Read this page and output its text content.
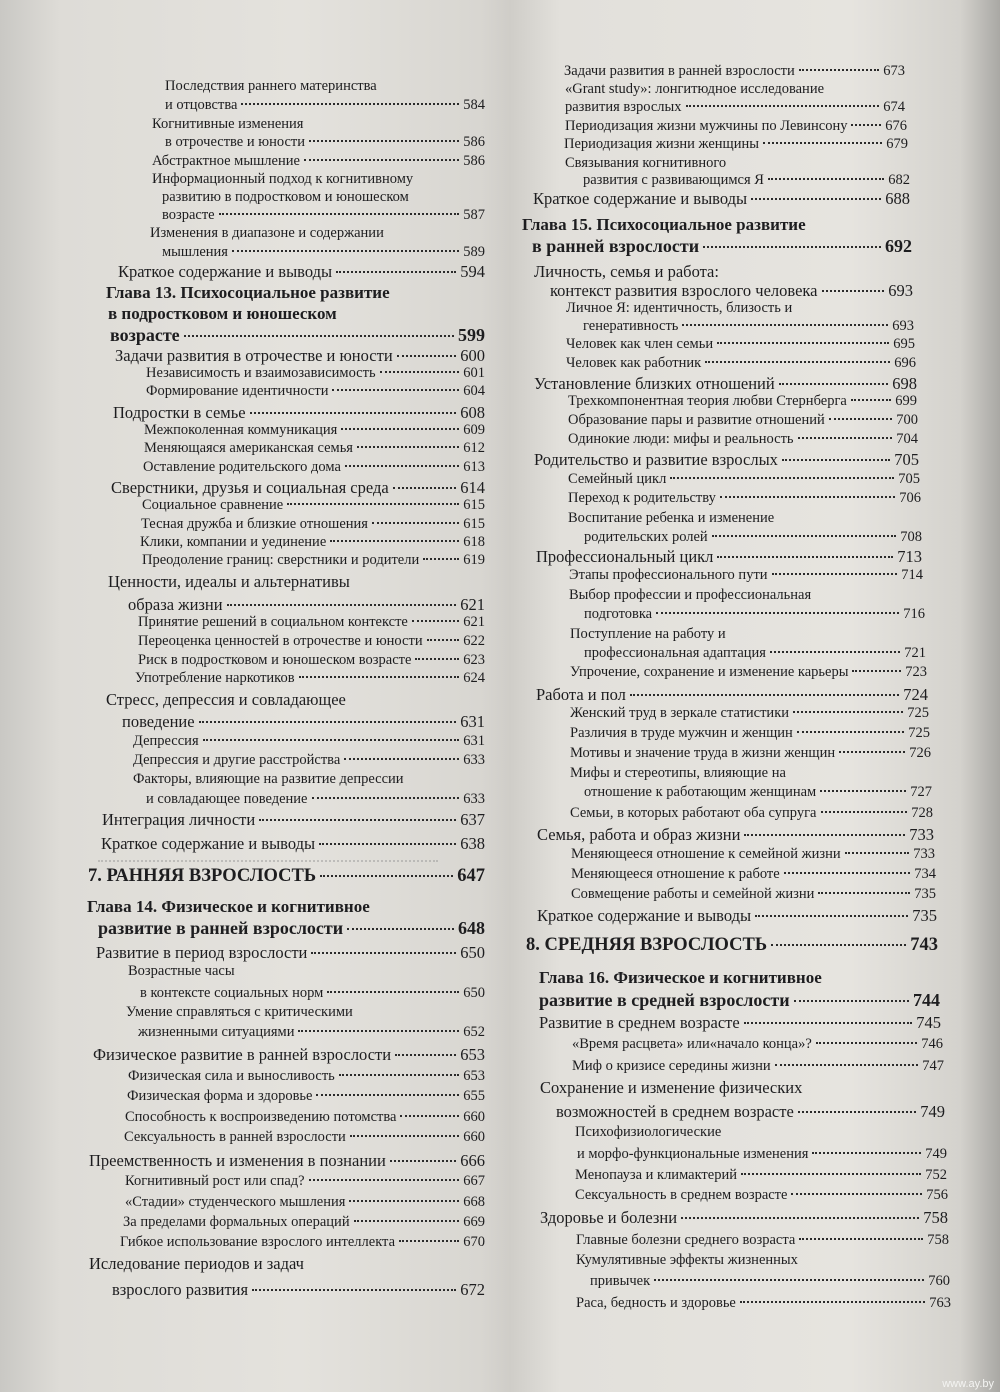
Последствия раннего материнства
и отцовства	584
Когнитивные изменения
в отрочестве и юности	586
Абстрактное мышление	586
Информационный подход к когнитивному
развитию в подростковом и юношеском
возрасте	587
Изменения в диапазоне и содержании
мышления	589
Краткое содержание и выводы	594
Глава 13. Психосоциальное развитие
в подростковом и юношеском
возрасте	599
Задачи развития в отрочестве и юности	600
Независимость и взаимозависимость	601
Формирование идентичности	604
Подростки в семье	608
Межпоколенная коммуникация	609
Меняющаяся американская семья	612
Оставление родительского дома	613
Сверстники, друзья и социальная среда	614
Социальное сравнение	615
Тесная дружба и близкие отношения	615
Клики, компании и уединение	618
Преодоление границ: сверстники и родители	619
Ценности, идеалы и альтернативы
образа жизни	621
Принятие решений в социальном контексте	621
Переоценка ценностей в отрочестве и юности	622
Риск в подростковом и юношеском возрасте	623
Употребление наркотиков	624
Стресс, депрессия и совладающее
поведение	631
Депрессия	631
Депрессия и другие расстройства	633
Факторы, влияющие на развитие депрессии
и совладающее поведение	633
Интеграция личности	637
Краткое содержание и выводы	638
7. РАННЯЯ ВЗРОСЛОСТЬ	647
Глава 14. Физическое и когнитивное
развитие в ранней взрослости	648
Развитие в период взрослости	650
Возрастные часы
в контексте социальных норм	650
Умение справляться с критическими
жизненными ситуациями	652
Физическое развитие в ранней взрослости	653
Физическая сила и выносливость	653
Физическая форма и здоровье	655
Способность к воспроизведению потомства	660
Сексуальность в ранней взрослости	660
Преемственность и изменения в познании	666
Когнитивный рост или спад?	667
«Стадии» студенческого мышления	668
За пределами формальных операций	669
Гибкое использование взрослого интеллекта	670
Иследование периодов и задач
взрослого развития	672
Задачи развития в ранней взрослости	673
«Grant study»: лонгитюдное исследование
развития взрослых	674
Периодизация жизни мужчины по Левинсону	676
Периодизация жизни женщины	679
Связывания когнитивного
развития с развивающимся Я	682
Краткое содержание и выводы	688
Глава 15. Психосоциальное развитие
в ранней взрослости	692
Личность, семья и работа:
контекст развития взрослого человека	693
Личное Я: идентичность, близость и
генеративность	693
Человек как член семьи	695
Человек как работник	696
Установление близких отношений	698
Трехкомпонентная теория любви Стернберга	699
Образование пары и развитие отношений	700
Одинокие люди: мифы и реальность	704
Родительство и развитие взрослых	705
Семейный цикл	705
Переход к родительству	706
Воспитание ребенка и изменение
родительских ролей	708
Профессиональный цикл	713
Этапы профессионального пути	714
Выбор профессии и профессиональная
подготовка	716
Поступление на работу и
профессиональная адаптация	721
Упрочение, сохранение и изменение карьеры	723
Работа и пол	724
Женский труд в зеркале статистики	725
Различия в труде мужчин и женщин	725
Мотивы и значение труда в жизни женщин	726
Мифы и стереотипы, влияющие на
отношение к работающим женщинам	727
Семьи, в которых работают оба супруга	728
Семья, работа и образ жизни	733
Меняющееся отношение к семейной жизни	733
Меняющееся отношение к работе	734
Совмещение работы и семейной жизни	735
Краткое содержание и выводы	735
8. СРЕДНЯЯ ВЗРОСЛОСТЬ	743
Глава 16. Физическое и когнитивное
развитие в средней взрослости	744
Развитие в среднем возрасте	745
«Время расцвета» или«начало конца»?	746
Миф о кризисе середины жизни	747
Сохранение и изменение физических
возможностей в среднем возрасте	749
Психофизиологические
и морфо-функциональные изменения	749
Менопауза и климактерий	752
Сексуальность в среднем возрасте	756
Здоровье и болезни	758
Главные болезни среднего возраста	758
Кумулятивные эффекты жизненных
привычек	760
Раса, бедность и здоровье	763
www.ay.by
